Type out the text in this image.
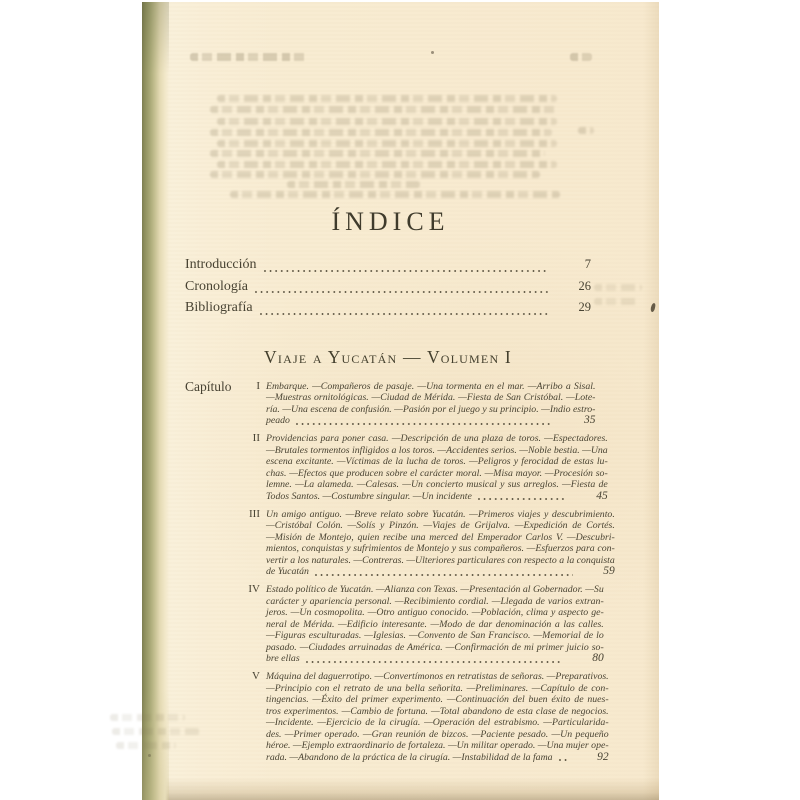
ÍNDICE
Introducción	7
Cronología	26
Bibliografía	29
Viaje a Yucatán — Volumen I
Capítulo	I Embarque. —Compañeros de pasaje. —Una tormenta en el mar. —Arribo a Sisal.
—Muestras ornitológicas. —Ciudad de Mérida. —Fiesta de San Cristóbal. —Lote-
ría. —Una escena de confusión. —Pasión por el juego y su principio. —Indio estro-
peado	35
II Providencias para poner casa. —Descripción de una plaza de toros. —Espectadores.
—Brutales tormentos infligidos a los toros. —Accidentes serios. —Noble bestia. —Una
escena excitante. —Víctimas de la lucha de toros. —Peligros y ferocidad de estas lu-
chas. —Efectos que producen sobre el carácter moral. —Misa mayor. —Procesión so-
lemne. —La alameda. —Calesas. —Un concierto musical y sus arreglos. —Fiesta de
Todos Santos. —Costumbre singular. —Un incidente	45
III Un amigo antiguo. —Breve relato sobre Yucatán. —Primeros viajes y descubrimiento.
—Cristóbal Colón. —Solís y Pinzón. —Viajes de Grijalva. —Expedición de Cortés.
—Misión de Montejo, quien recibe una merced del Emperador Carlos V. —Descubri-
mientos, conquistas y sufrimientos de Montejo y sus compañeros. —Esfuerzos para con-
vertir a los naturales. —Contreras. —Ulteriores particulares con respecto a la conquista
de Yucatán	59
IV Estado político de Yucatán. —Alianza con Texas. —Presentación al Gobernador. —Su
carácter y apariencia personal. —Recibimiento cordial. —Llegada de varios extran-
jeros. —Un cosmopolita. —Otro antiguo conocido. —Población, clima y aspecto ge-
neral de Mérida. —Edificio interesante. —Modo de dar denominación a las calles.
—Figuras esculturadas. —Iglesias. —Convento de San Francisco. —Memorial de lo
pasado. —Ciudades arruinadas de América. —Confirmación de mi primer juicio so-
bre ellas	80
V Máquina del daguerrotipo. —Convertímonos en retratistas de señoras. —Preparativos.
—Principio con el retrato de una bella señorita. —Preliminares. —Capítulo de con-
tingencias. —Éxito del primer experimento. —Continuación del buen éxito de nues-
tros experimentos. —Cambio de fortuna. —Total abandono de esta clase de negocios.
—Incidente. —Ejercicio de la cirugía. —Operación del estrabismo. —Particularida-
des. —Primer operado. —Gran reunión de bizcos. —Paciente pesado. —Un pequeño
héroe. —Ejemplo extraordinario de fortaleza. —Un militar operado. —Una mujer ope-
rada. —Abandono de la práctica de la cirugía. —Instabilidad de la fama	92
